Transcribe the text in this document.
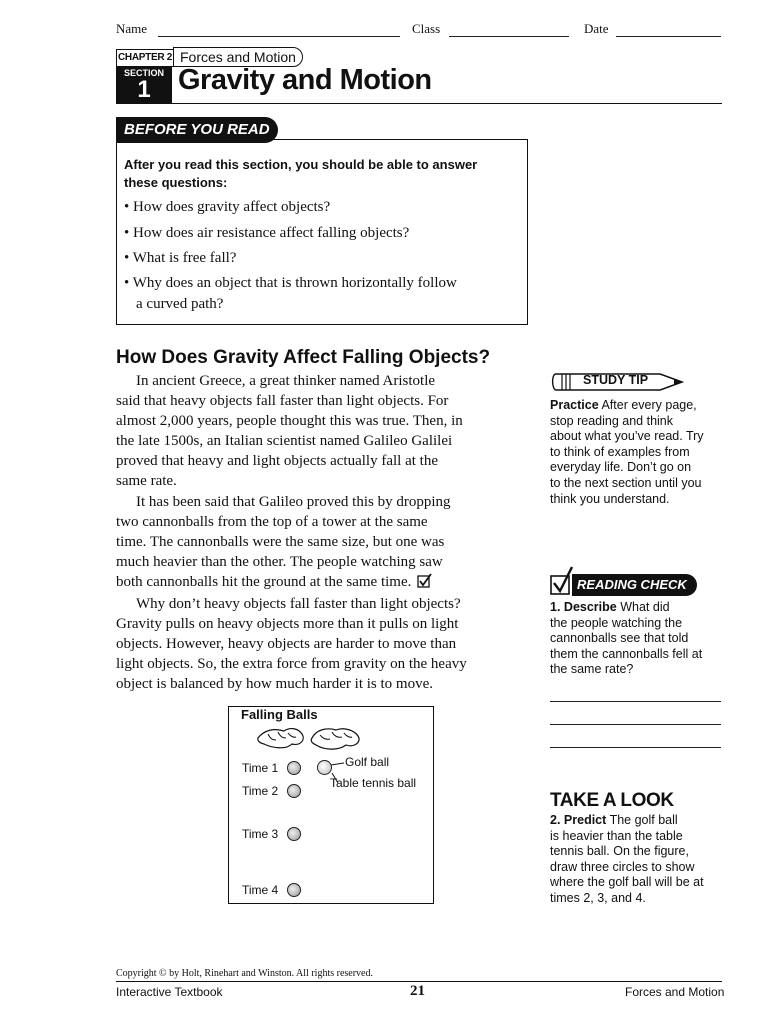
Name	Class	Date
CHAPTER 2 Forces and Motion
SECTION
1 Gravity and Motion
BEFORE YOU READ
After you read this section, you should be able to answer
these questions:
• How does gravity affect objects?
• How does air resistance affect falling objects?
• What is free fall?
• Why does an object that is thrown horizontally follow
a curved path?
How Does Gravity Affect Falling Objects?
In ancient Greece, a great thinker named Aristotle
said that heavy objects fall faster than light objects. For
almost 2,000 years, people thought this was true. Then, in
the late 1500s, an Italian scientist named Galileo Galilei
proved that heavy and light objects actually fall at the
same rate.
It has been said that Galileo proved this by dropping
two cannonballs from the top of a tower at the same
time. The cannonballs were the same size, but one was
much heavier than the other. The people watching saw
both cannonballs hit the ground at the same time.
Why don’t heavy objects fall faster than light objects?
Gravity pulls on heavy objects more than it pulls on light
objects. However, heavy objects are harder to move than
light objects. So, the extra force from gravity on the heavy
object is balanced by how much harder it is to move.
Falling Balls
Time 1	Golf ball
Table tennis ball
Time 2
Time 3
Time 4
STUDY TIP
Practice After every page,
stop reading and think
about what you’ve read. Try
to think of examples from
everyday life. Don’t go on
to the next section until you
think you understand.
READING CHECK
1. Describe What did
the people watching the
cannonballs see that told
them the cannonballs fell at
the same rate?
TAKE A LOOK
2. Predict The golf ball
is heavier than the table
tennis ball. On the figure,
draw three circles to show
where the golf ball will be at
times 2, 3, and 4.
Copyright © by Holt, Rinehart and Winston. All rights reserved.
Interactive Textbook	21	Forces and Motion
